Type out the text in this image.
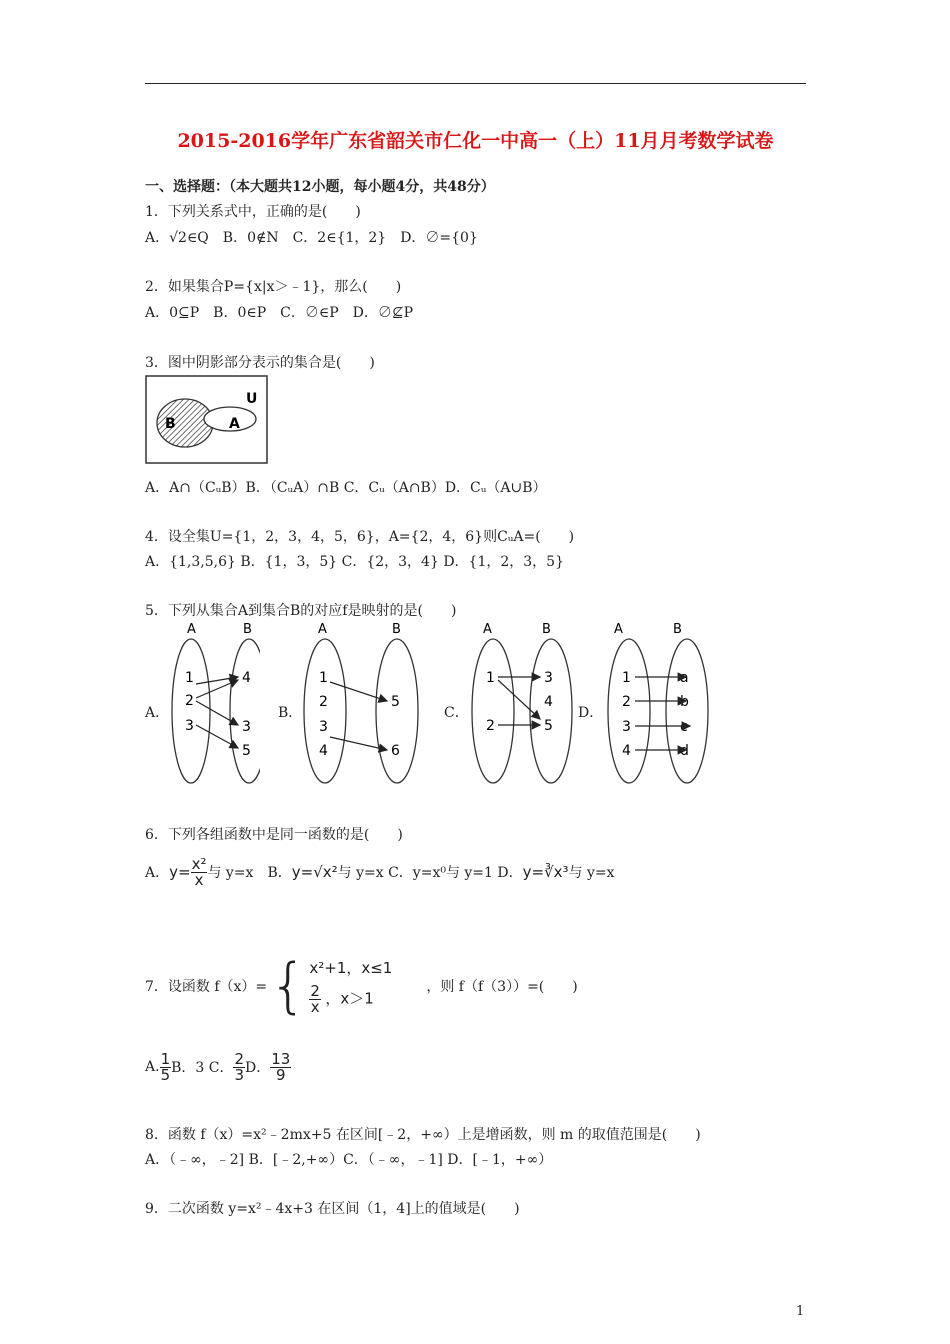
2015-2016学年广东省韶关市仁化一中高一（上）11月月考数学试卷
一、选择题：（本大题共12小题，每小题4分，共48分）
1．下列关系式中，正确的是(　　)
A．√2∈Q　B．0∉N　C．2∈{1，2}　D．∅={0}
2．如果集合P={x|x＞﹣1}，那么(　　)
A．0⊆P　B．0∈P　C．∅∈P　D．∅⊈P
3．图中阴影部分表示的集合是(　　)
U
A
B
A．A∩（CᵤB）B．（CᵤA）∩B C．Cᵤ（A∩B）D．Cᵤ（A∪B）
4．设全集U={1，2，3，4，5，6}，A={2，4，6}则CᵤA=(　　)
A．{1,3,5,6} B．{1，3，5} C．{2，3，4} D．{1，2，3，5}
5．下列从集合A到集合B的对应f是映射的是(　　)
A．	B．	C．	D．
A	B
1
2
3
4
3
5
A	B
1
2
3
4
5
6
A	B
1
2
3
4
5
A	B
1
2
3
4
a
b
c
d
6．下列各组函数中是同一函数的是(　　)
A． $y= \frac{\text{x²}}{x}$ 与 y=x　B． y=√x² 与 y=x C．y=x⁰与 y=1 D． y=∛x³ 与 y=x
7．设函数 f（x）= { x²+1，x≤1
$\frac{2}{x}$ ，x＞1
，则 f（f（3））=(　　)
A. $\frac{1}{5}$ B．3 C． $\frac{2}{3}$ D． $\frac{13}{9}$
8．函数 f（x）=x²﹣2mx+5 在区间[﹣2，+∞）上是增函数，则 m 的取值范围是(　　)
A．（﹣∞，﹣2] B．[﹣2,+∞）C．（﹣∞，﹣1] D．[﹣1，+∞）
9．二次函数 y=x²﹣4x+3 在区间（1，4]上的值域是(　　)
1
